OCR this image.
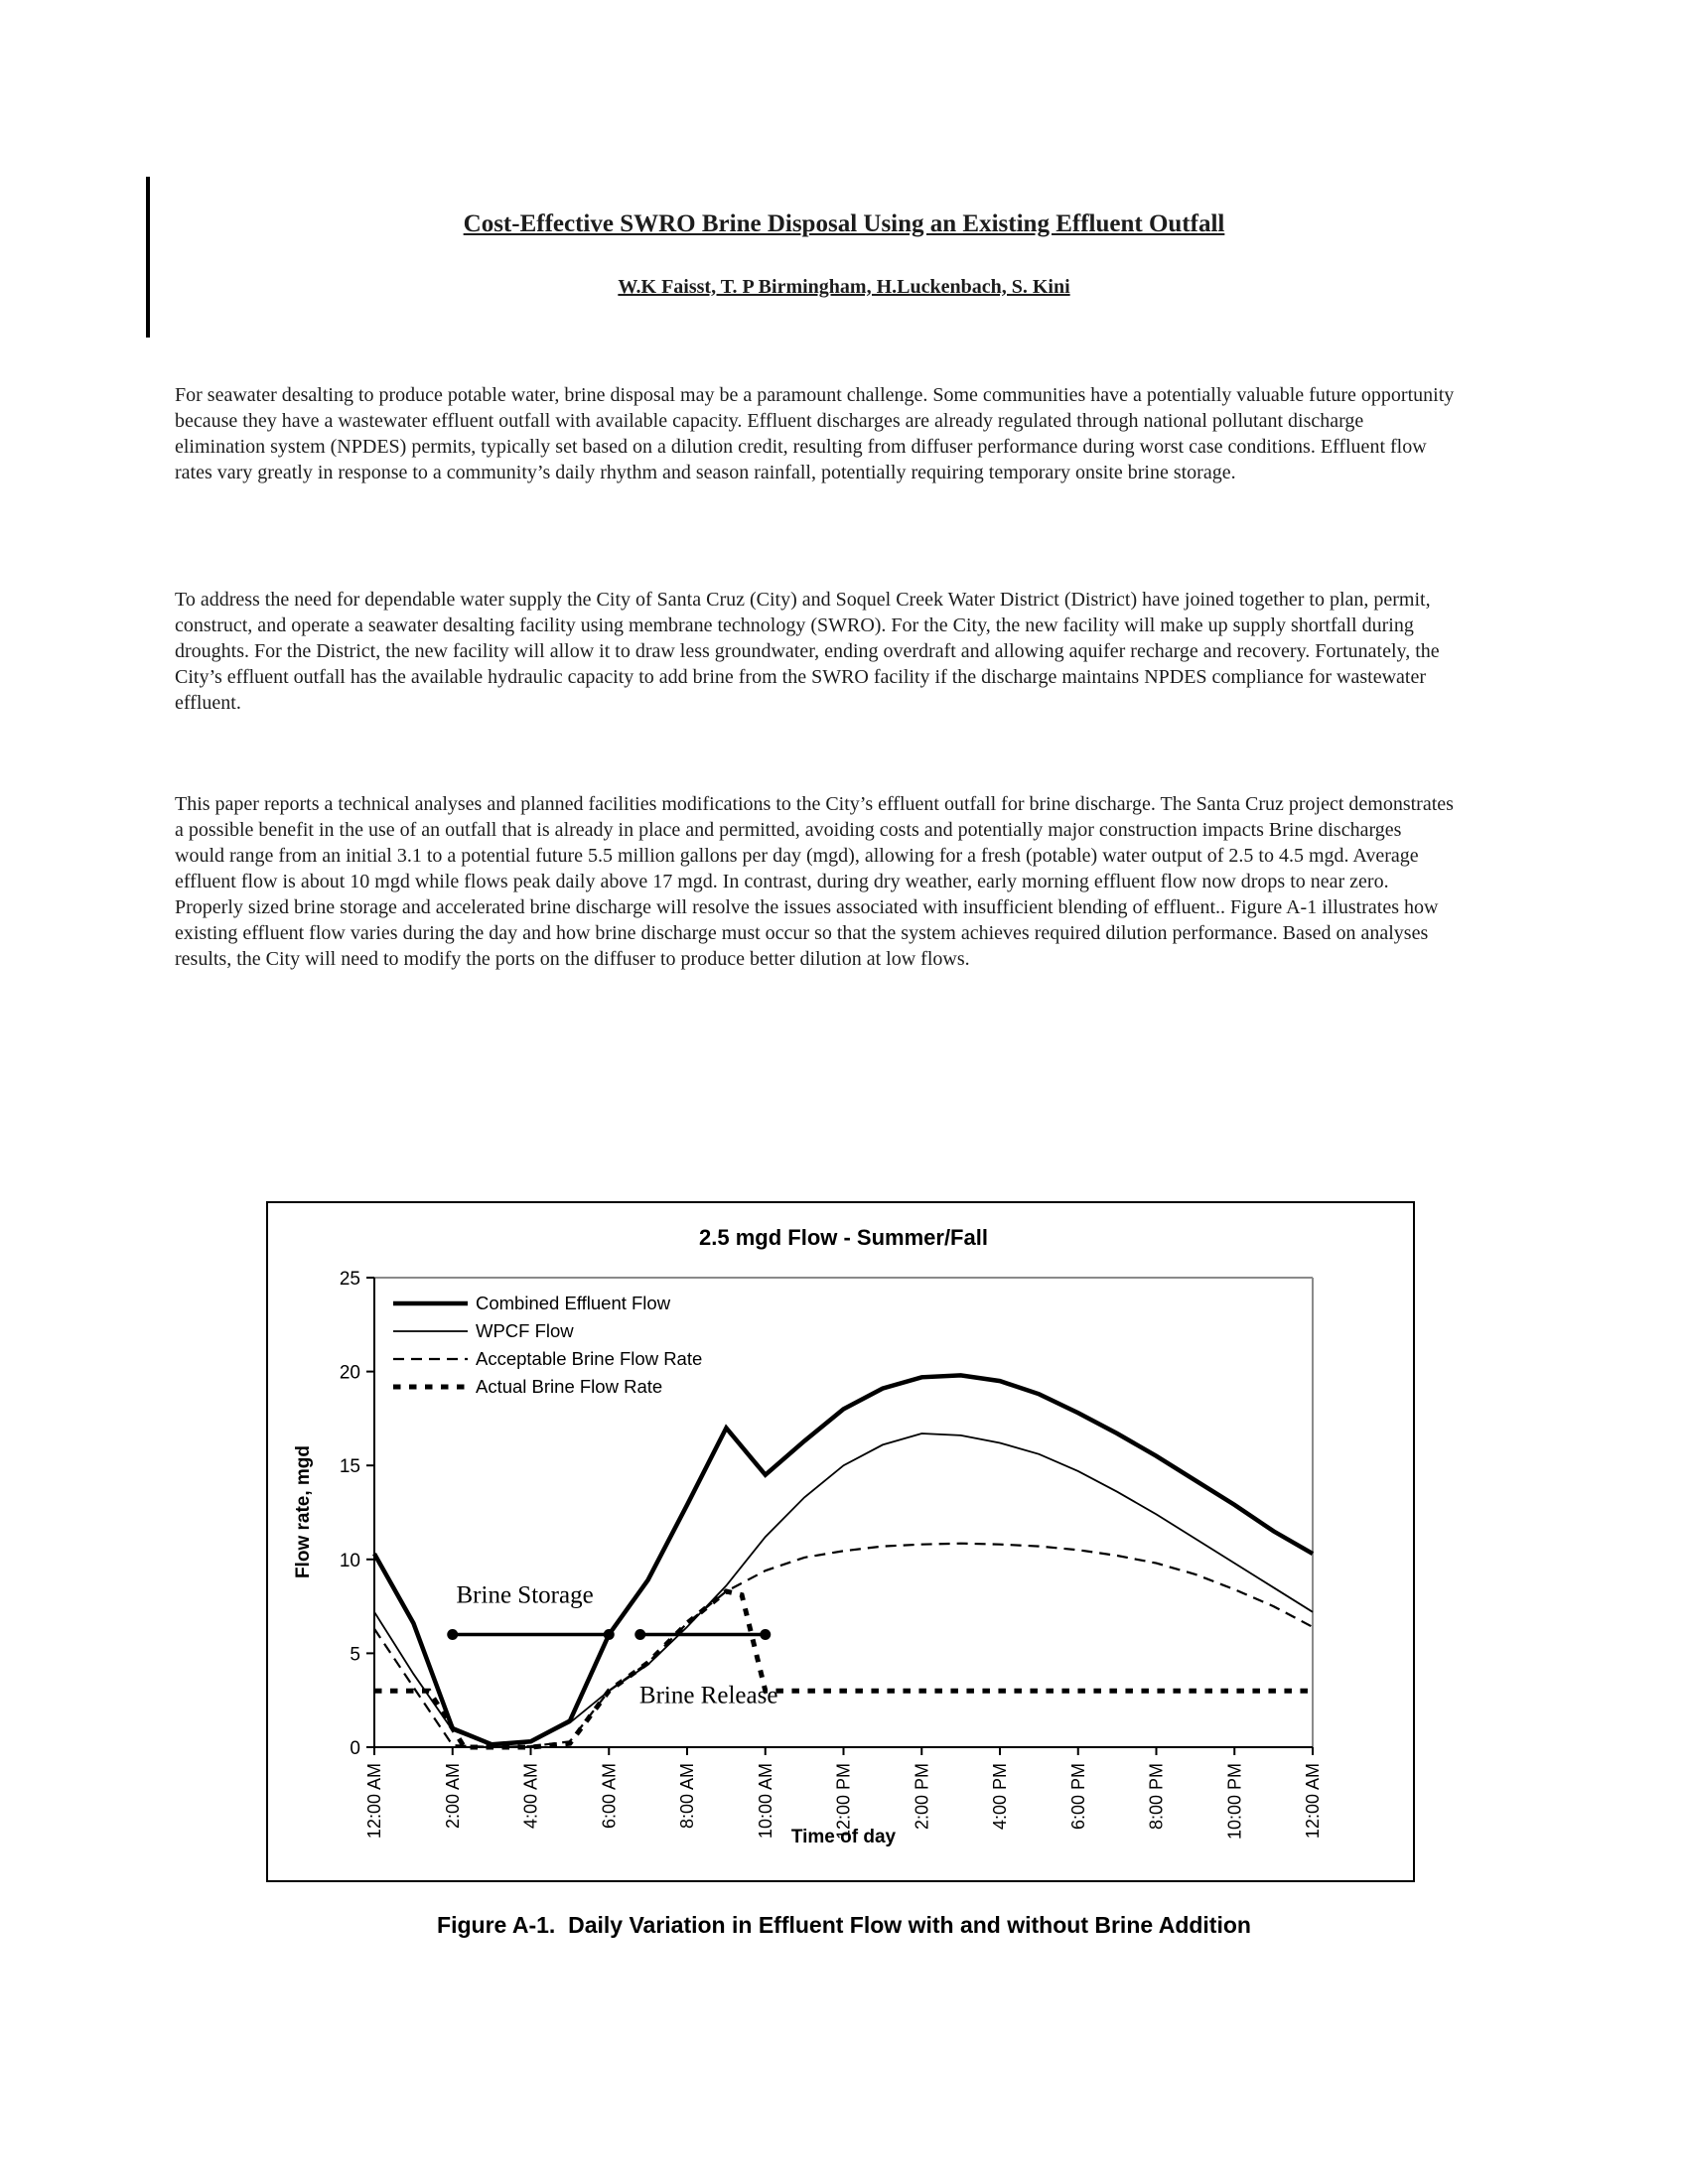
Cost-Effective SWRO Brine Disposal Using an Existing Effluent Outfall
W.K Faisst, T. P Birmingham, H.Luckenbach, S. Kini
For seawater desalting to produce potable water, brine disposal may be a paramount challenge. Some communities have a potentially valuable future opportunity because they have a wastewater effluent outfall with available capacity. Effluent discharges are already regulated through national pollutant discharge elimination system (NPDES) permits, typically set based on a dilution credit, resulting from diffuser performance during worst case conditions. Effluent flow rates vary greatly in response to a community’s daily rhythm and season rainfall, potentially requiring temporary onsite brine storage.
To address the need for dependable water supply the City of Santa Cruz (City) and Soquel Creek Water District (District) have joined together to plan, permit, construct, and operate a seawater desalting facility using membrane technology (SWRO). For the City, the new facility will make up supply shortfall during droughts. For the District, the new facility will allow it to draw less groundwater, ending overdraft and allowing aquifer recharge and recovery. Fortunately, the City’s effluent outfall has the available hydraulic capacity to add brine from the SWRO facility if the discharge maintains NPDES compliance for wastewater effluent.
This paper reports a technical analyses and planned facilities modifications to the City’s effluent outfall for brine discharge. The Santa Cruz project demonstrates a possible benefit in the use of an outfall that is already in place and permitted, avoiding costs and potentially major construction impacts Brine discharges would range from an initial 3.1 to a potential future 5.5 million gallons per day (mgd), allowing for a fresh (potable) water output of 2.5 to 4.5 mgd. Average effluent flow is about 10 mgd while flows peak daily above 17 mgd. In contrast, during dry weather, early morning effluent flow now drops to near zero. Properly sized brine storage and accelerated brine discharge will resolve the issues associated with insufficient blending of effluent.. Figure A-1 illustrates how existing effluent flow varies during the day and how brine discharge must occur so that the system achieves required dilution performance. Based on analyses results, the City will need to modify the ports on the diffuser to produce better dilution at low flows.
0
5
10
15
20
25
12:00 AM	2:00 AM	4:00 AM	6:00 AM	8:00 AM	10:00 AM	12:00 PM	2:00 PM	4:00 PM	6:00 PM	8:00 PM	10:00 PM	12:00 AM
Brine Storage
Brine Release
Combined Effluent Flow
WPCF Flow
Acceptable Brine Flow Rate
Actual Brine Flow Rate
2.5 mgd Flow - Summer/Fall
Flow rate, mgd
Time of day
Figure A-1.  Daily Variation in Effluent Flow with and without Brine Addition
